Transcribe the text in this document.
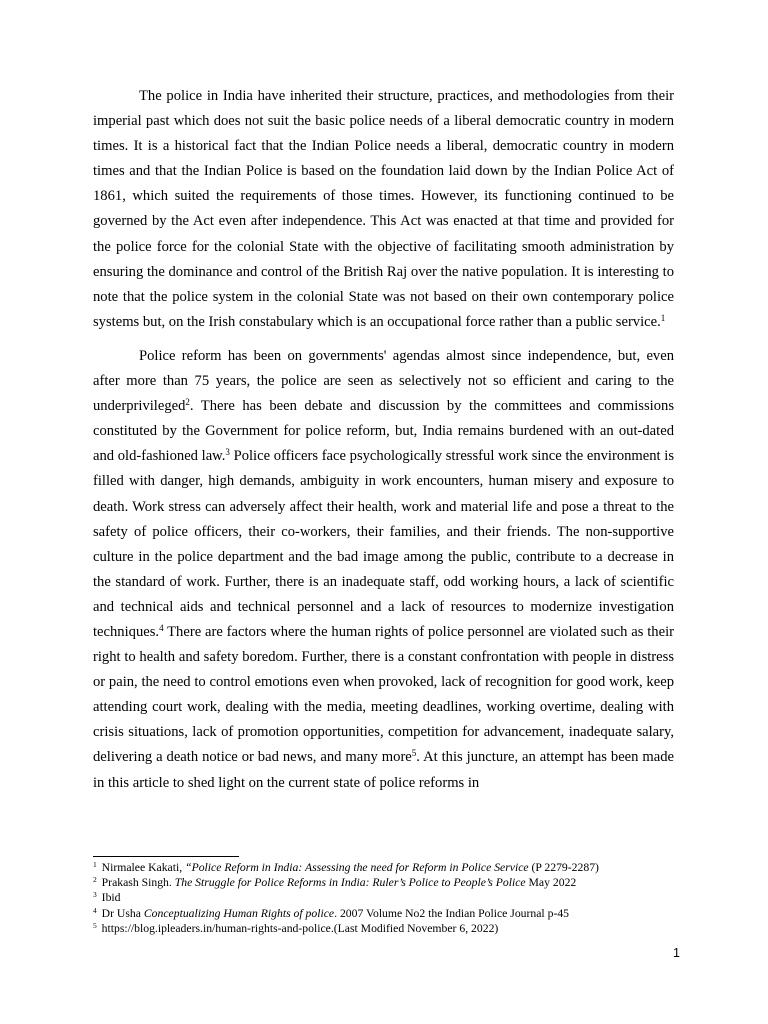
The police in India have inherited their structure, practices, and methodologies from their imperial past which does not suit the basic police needs of a liberal democratic country in modern times. It is a historical fact that the Indian Police needs a liberal, democratic country in modern times and that the Indian Police is based on the foundation laid down by the Indian Police Act of 1861, which suited the requirements of those times. However, its functioning continued to be governed by the Act even after independence. This Act was enacted at that time and provided for the police force for the colonial State with the objective of facilitating smooth administration by ensuring the dominance and control of the British Raj over the native population. It is interesting to note that the police system in the colonial State was not based on their own contemporary police systems but, on the Irish constabulary which is an occupational force rather than a public service.$^1$

Police reform has been on governments' agendas almost since independence, but, even after more than 75 years, the police are seen as selectively not so efficient and caring to the underprivileged$^2$. There has been debate and discussion by the committees and commissions constituted by the Government for police reform, but, India remains burdened with an out-dated and old-fashioned law.$^3$ Police officers face psychologically stressful work since the environment is filled with danger, high demands, ambiguity in work encounters, human misery and exposure to death. Work stress can adversely affect their health, work and material life and pose a threat to the safety of police officers, their co-workers, their families, and their friends. The non-supportive culture in the police department and the bad image among the public, contribute to a decrease in the standard of work. Further, there is an inadequate staff, odd working hours, a lack of scientific and technical aids and technical personnel and a lack of resources to modernize investigation techniques.$^4$ There are factors where the human rights of police personnel are violated such as their right to health and safety boredom. Further, there is a constant confrontation with people in distress or pain, the need to control emotions even when provoked, lack of recognition for good work, keep attending court work, dealing with the media, meeting deadlines, working overtime, dealing with crisis situations, lack of promotion opportunities, competition for advancement, inadequate salary, delivering a death notice or bad news, and many more$^5$. At this juncture, an attempt has been made in this article to shed light on the current state of police reforms in

$^1$ Nirmalee Kakati, “Police Reform in India: Assessing the need for Reform in Police Service (P 2279-2287)
$^2$ Prakash Singh. The Struggle for Police Reforms in India: Ruler’s Police to People’s Police May 2022
$^3$ Ibid
$^4$ Dr Usha Conceptualizing Human Rights of police. 2007 Volume No2 the Indian Police Journal p-45
$^5$ https://blog.ipleaders.in/human-rights-and-police.(Last Modified November 6, 2022)
1
